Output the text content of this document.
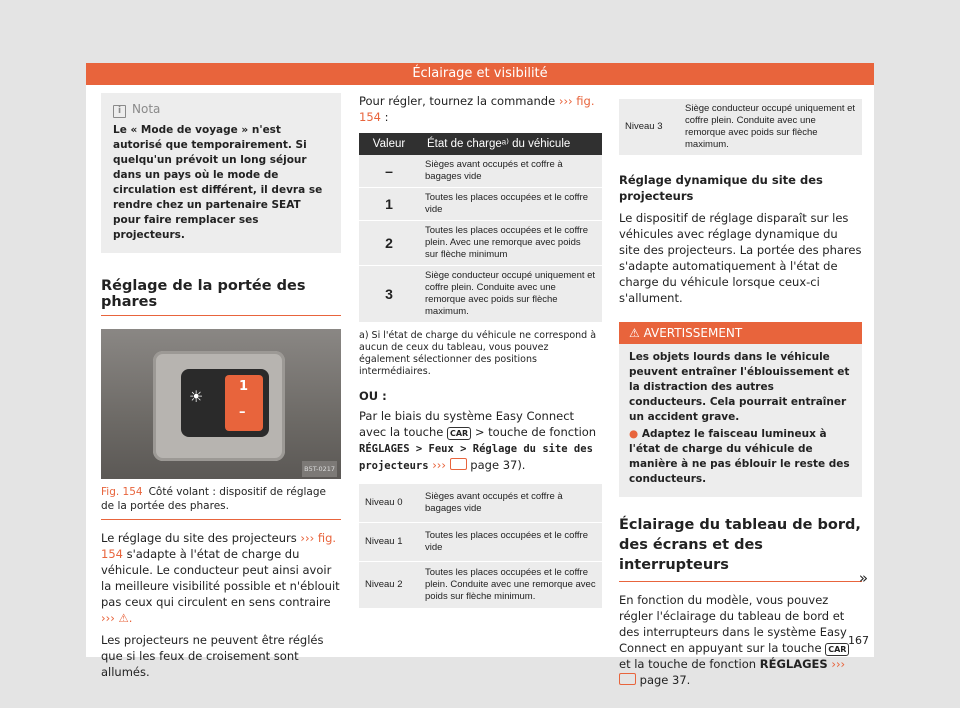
Éclairage et visibilité
i Nota
Le « Mode de voyage » n'est autorisé que temporairement. Si quelqu'un prévoit un long séjour dans un pays où le mode de circulation est différent, il devra se rendre chez un partenaire SEAT pour faire remplacer ses projecteurs.
Réglage de la portée des phares
1
–
☀
B5T-0217
Fig. 154 Côté volant : dispositif de réglage de la portée des phares.

Le réglage du site des projecteurs ››› fig. 154 s'adapte à l'état de charge du véhicule. Le conducteur peut ainsi avoir la meilleure visibilité possible et n'éblouit pas ceux qui circulent en sens contraire ››› ⚠.

Les projecteurs ne peuvent être réglés que si les feux de croisement sont allumés.

Pour régler, tournez la commande ››› fig. 154 :

Valeur	État de chargeᵃ⁾ du véhicule
–	Sièges avant occupés et coffre à bagages vide
1	Toutes les places occupées et le coffre vide
2	Toutes les places occupées et le coffre plein. Avec une remorque avec poids sur flèche minimum
3	Siège conducteur occupé uniquement et coffre plein. Conduite avec une remorque avec poids sur flèche maximum.
a) Si l'état de charge du véhicule ne correspond à aucun de ceux du tableau, vous pouvez également sélectionner des positions intermédiaires.

OU :

Par le biais du système Easy Connect avec la touche CAR > touche de fonction RÉGLAGES > Feux > Réglage du site des projecteurs ›››  page 37).

Niveau 0	Sièges avant occupés et coffre à bagages vide
Niveau 1	Toutes les places occupées et le coffre vide
Niveau 2	Toutes les places occupées et le coffre plein. Conduite avec une remorque avec poids sur flèche minimum.
Niveau 3	Siège conducteur occupé uniquement et coffre plein. Conduite avec une remorque avec poids sur flèche maximum.

Réglage dynamique du site des projecteurs

Le dispositif de réglage disparaît sur les véhicules avec réglage dynamique du site des projecteurs. La portée des phares s'adapte automatiquement à l'état de charge du véhicule lorsque ceux-ci s'allument.

⚠ AVERTISSEMENT
Les objets lourds dans le véhicule peuvent entraîner l'éblouissement et la distraction des autres conducteurs. Cela pourrait entraîner un accident grave.
● Adaptez le faisceau lumineux à l'état de charge du véhicule de manière à ne pas éblouir le reste des conducteurs.
Éclairage du tableau de bord, des écrans et des interrupteurs

En fonction du modèle, vous pouvez régler l'éclairage du tableau de bord et des interrupteurs dans le système Easy Connect en appuyant sur la touche CAR et la touche de fonction RÉGLAGES ›››  page 37.

»
167
